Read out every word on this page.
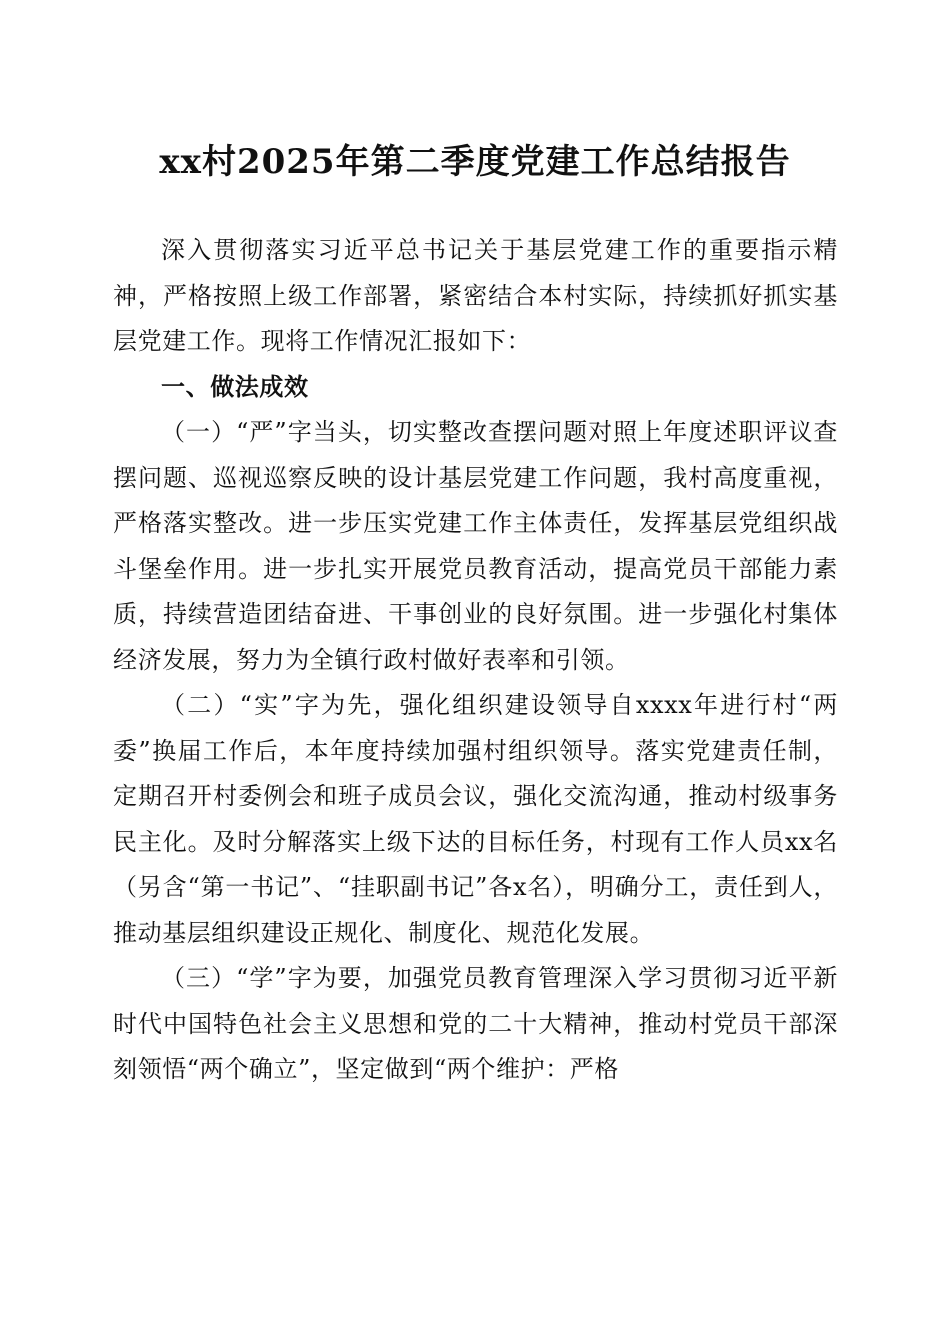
xx村2025年第二季度党建工作总结报告

深入贯彻落实习近平总书记关于基层党建工作的重要指示精神，严格按照上级工作部署，紧密结合本村实际，持续抓好抓实基层党建工作。现将工作情况汇报如下：

一、做法成效

（一）“严”字当头，切实整改查摆问题对照上年度述职评议查摆问题、巡视巡察反映的设计基层党建工作问题，我村高度重视，严格落实整改。进一步压实党建工作主体责任，发挥基层党组织战斗堡垒作用。进一步扎实开展党员教育活动，提高党员干部能力素质，持续营造团结奋进、干事创业的良好氛围。进一步强化村集体经济发展，努力为全镇行政村做好表率和引领。

（二）“实”字为先，强化组织建设领导自xxxx年进行村“两委”换届工作后，本年度持续加强村组织领导。落实党建责任制，定期召开村委例会和班子成员会议，强化交流沟通，推动村级事务民主化。及时分解落实上级下达的目标任务，村现有工作人员xx名（另含“第一书记”、“挂职副书记”各x名），明确分工，责任到人，推动基层组织建设正规化、制度化、规范化发展。

（三）“学”字为要，加强党员教育管理深入学习贯彻习近平新时代中国特色社会主义思想和党的二十大精神，推动村党员干部深刻领悟“两个确立”，坚定做到“两个维护：严格
